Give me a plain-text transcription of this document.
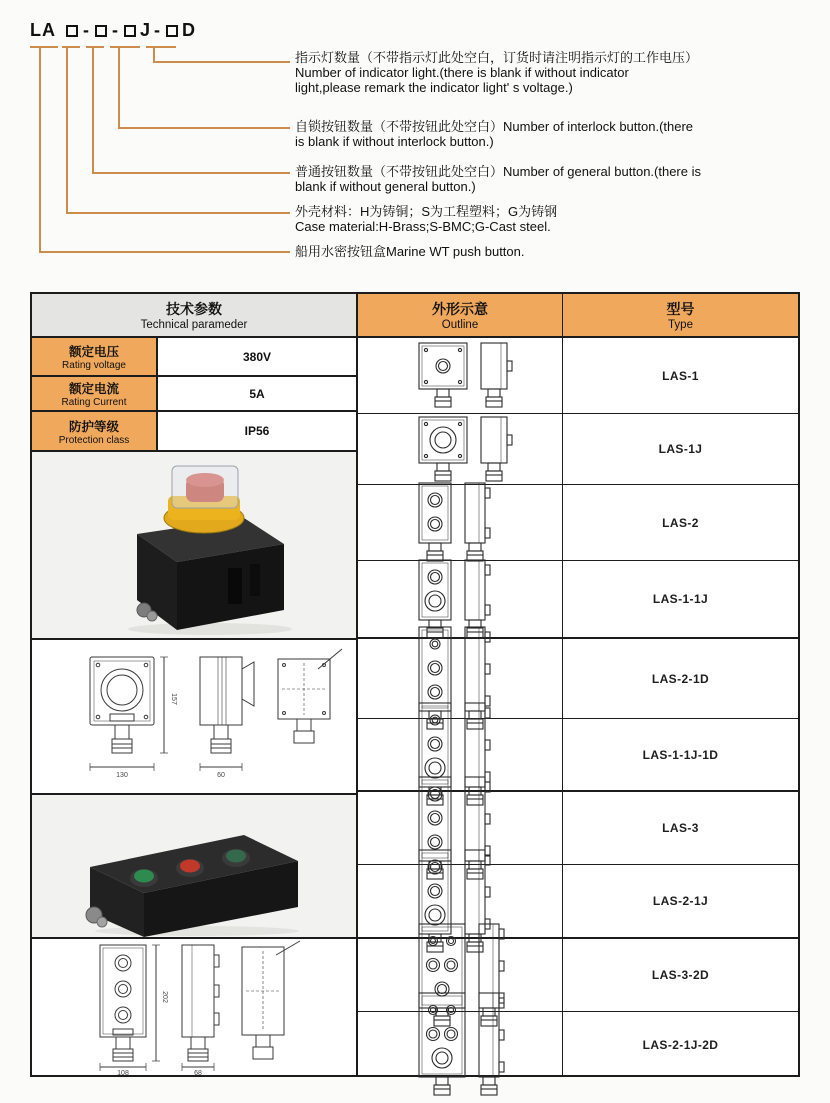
LA - - J - D
指示灯数量（不带指示灯此处空白，订货时请注明指示灯的工作电压）
Number of indicator light.(there is blank if without indicator
light,please remark the indicator light' s voltage.)
自锁按钮数量（不带按钮此处空白）Number of interlock button.(there
is blank if without interlock button.)
普通按钮数量（不带按钮此处空白）Number of general button.(there is
blank if without general button.)
外壳材料：H为铸铜；S为工程塑料；G为铸钢
Case material:H-Brass;S-BMC;G-Cast steel.
船用水密按钮盒Marine WT push button.
技术参数
Technical parameder
外形示意
Outline
型号
Type
额定电压
Rating voltage
380V
额定电流
Rating Current
5A
防护等级
Protection class
IP56
157
130	60
202
108	68
LAS-1
LAS-1J
LAS-2
LAS-1-1J
LAS-2-1D
LAS-1-1J-1D
LAS-3
LAS-2-1J
LAS-3-2D
LAS-2-1J-2D
